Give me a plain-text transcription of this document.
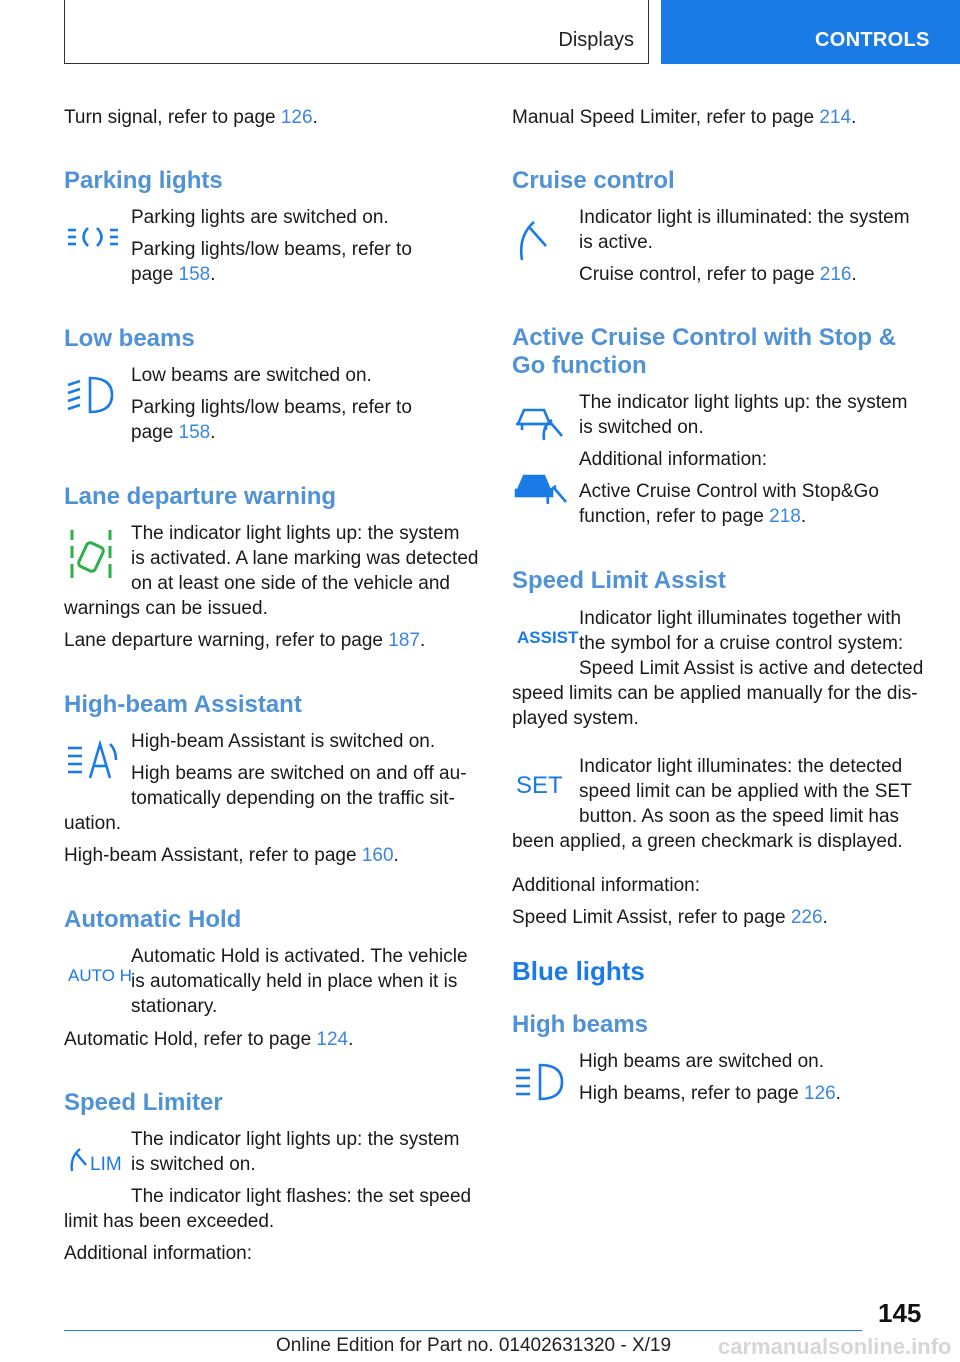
Displays	CONTROLS
Turn signal, refer to page 126.
Parking lights
Parking lights are switched on.
Parking lights/low beams, refer to
page 158.
Low beams
Low beams are switched on.
Parking lights/low beams, refer to
page 158.
Lane departure warning
The indicator light lights up: the system
is activated. A lane marking was detected
on at least one side of the vehicle and
warnings can be issued.
Lane departure warning, refer to page 187.
High-beam Assistant
High-beam Assistant is switched on.
High beams are switched on and off au‐
tomatically depending on the traffic sit‐
uation.
High-beam Assistant, refer to page 160.
Automatic Hold
AUTO H
Automatic Hold is activated. The vehicle
is automatically held in place when it is
stationary.
Automatic Hold, refer to page 124.
Speed Limiter
LIM
The indicator light lights up: the system
is switched on.
The indicator light flashes: the set speed
limit has been exceeded.
Additional information:
Manual Speed Limiter, refer to page 214.
Cruise control
Indicator light is illuminated: the system
is active.
Cruise control, refer to page 216.
Active Cruise Control with Stop &
Go function
The indicator light lights up: the system
is switched on.
Additional information:
Active Cruise Control with Stop&Go
function, refer to page 218.
Speed Limit Assist
ASSIST
Indicator light illuminates together with
the symbol for a cruise control system:
Speed Limit Assist is active and detected
speed limits can be applied manually for the dis‐
played system.
SET
Indicator light illuminates: the detected
speed limit can be applied with the SET
button. As soon as the speed limit has
been applied, a green checkmark is displayed.
Additional information:
Speed Limit Assist, refer to page 226.
Blue lights
High beams
High beams are switched on.
High beams, refer to page 126.
145
Online Edition for Part no. 01402631320 - X/19 carmanualsonline.info
